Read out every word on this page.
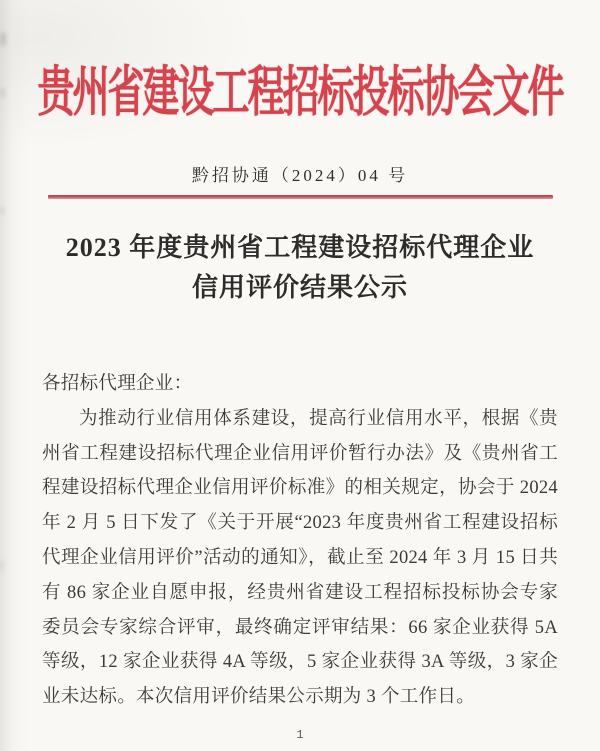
贵州省建设工程招标投标协会文件
黔招协通（2024）04 号
2023 年度贵州省工程建设招标代理企业
信用评价结果公示
各招标代理企业：

为推动行业信用体系建设，提高行业信用水平，根据《贵州省工程建设招标代理企业信用评价暂行办法》及《贵州省工程建设招标代理企业信用评价标准》的相关规定，协会于 2024 年 2 月 5 日下发了《关于开展“2023 年度贵州省工程建设招标代理企业信用评价”活动的通知》，截止至 2024 年 3 月 15 日共有 86 家企业自愿申报，经贵州省建设工程招标投标协会专家委员会专家综合评审，最终确定评审结果：66 家企业获得 5A 等级，12 家企业获得 4A 等级，5 家企业获得 3A 等级，3 家企业未达标。本次信用评价结果公示期为 3 个工作日。

1
